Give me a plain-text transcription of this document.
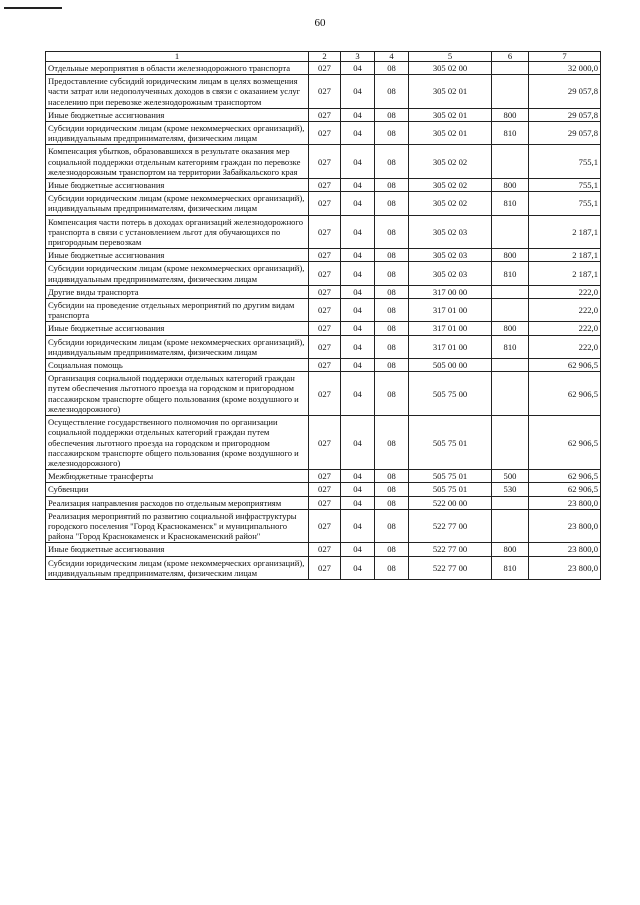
60
1	2	3	4	5	6	7
Отдельные мероприятия в области железнодорожного транспорта	027	04	08	305 02 00		32 000,0
Предоставление субсидий юридическим лицам в целях возмещения части затрат или недополученных доходов в связи с оказанием услуг населению при перевозке железнодорожным транспортом	027	04	08	305 02 01		29 057,8
Иные бюджетные ассигнования	027	04	08	305 02 01	800	29 057,8
Субсидии юридическим лицам (кроме некоммерческих организаций), индивидуальным предпринимателям, физическим лицам	027	04	08	305 02 01	810	29 057,8
Компенсация убытков, образовавшихся в результате оказания мер социальной поддержки отдельным категориям граждан по перевозке железнодорожным транспортом на территории Забайкальского края	027	04	08	305 02 02		755,1
Иные бюджетные ассигнования	027	04	08	305 02 02	800	755,1
Субсидии юридическим лицам (кроме некоммерческих организаций), индивидуальным предпринимателям, физическим лицам	027	04	08	305 02 02	810	755,1
Компенсация части потерь в доходах организаций железнодорожного транспорта в связи с установлением льгот для обучающихся по пригородным перевозкам	027	04	08	305 02 03		2 187,1
Иные бюджетные ассигнования	027	04	08	305 02 03	800	2 187,1
Субсидии юридическим лицам (кроме некоммерческих организаций), индивидуальным предпринимателям, физическим лицам	027	04	08	305 02 03	810	2 187,1
Другие виды транспорта	027	04	08	317 00 00		222,0
Субсидии на проведение отдельных мероприятий по другим видам транспорта	027	04	08	317 01 00		222,0
Иные бюджетные ассигнования	027	04	08	317 01 00	800	222,0
Субсидии юридическим лицам (кроме некоммерческих организаций), индивидуальным предпринимателям, физическим лицам	027	04	08	317 01 00	810	222,0
Социальная помощь	027	04	08	505 00 00		62 906,5
Организация социальной поддержки отдельных категорий граждан путем обеспечения льготного проезда на городском и пригородном пассажирском транспорте общего пользования (кроме воздушного и железнодорожного)	027	04	08	505 75 00		62 906,5
Осуществление государственного полномочия по организации социальной поддержки отдельных категорий граждан путем обеспечения льготного проезда на городском и пригородном пассажирском транспорте общего пользования (кроме воздушного и железнодорожного)	027	04	08	505 75 01		62 906,5
Межбюджетные трансферты	027	04	08	505 75 01	500	62 906,5
Субвенции	027	04	08	505 75 01	530	62 906,5
Реализация направления расходов по отдельным мероприятиям	027	04	08	522 00 00		23 800,0
Реализация мероприятий по развитию социальной инфраструктуры городского поселения "Город Краснокаменск" и муниципального района "Город Краснокаменск и Краснокаменский район"	027	04	08	522 77 00		23 800,0
Иные бюджетные ассигнования	027	04	08	522 77 00	800	23 800,0
Субсидии юридическим лицам (кроме некоммерческих организаций), индивидуальным предпринимателям, физическим лицам	027	04	08	522 77 00	810	23 800,0
